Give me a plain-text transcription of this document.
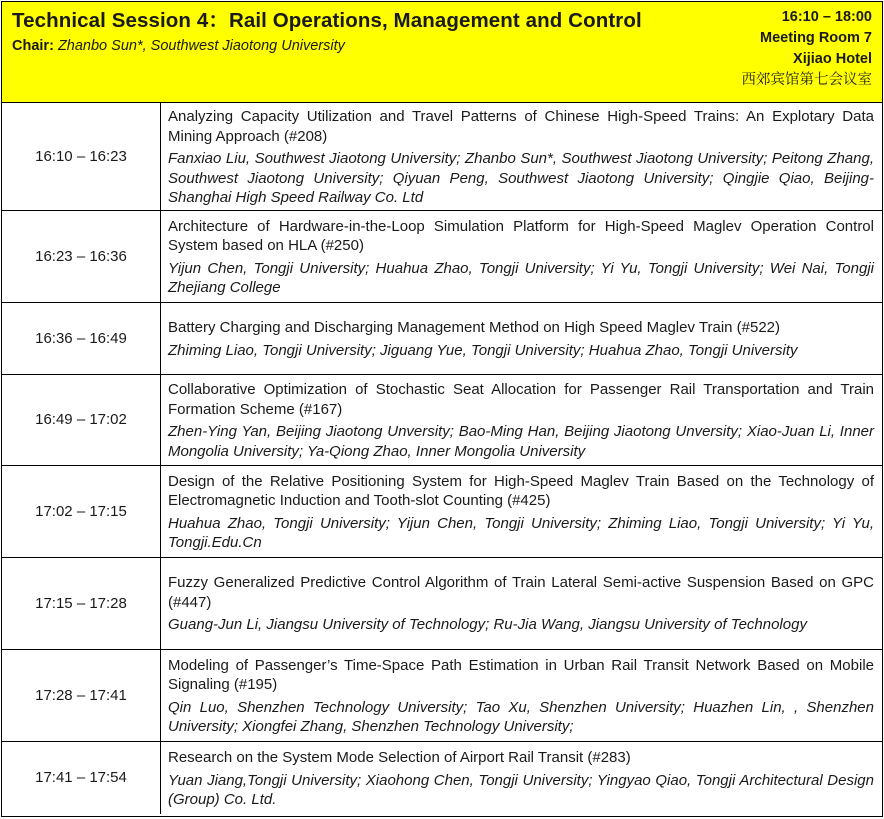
Technical Session 4：Rail Operations, Management and Control
Chair: Zhanbo Sun*, Southwest Jiaotong University
16:10 – 18:00
Meeting Room 7
Xijiao Hotel
西郊宾馆第七会议室
16:10 – 16:23	Analyzing Capacity Utilization and Travel Patterns of Chinese High-Speed Trains: An Explotary Data Mining Approach (#208)

Fanxiao Liu, Southwest Jiaotong University; Zhanbo Sun*, Southwest Jiaotong University; Peitong Zhang, Southwest Jiaotong University; Qiyuan Peng, Southwest Jiaotong University; Qingjie Qiao, Beijing-Shanghai High Speed Railway Co. Ltd

16:23 – 16:36	Architecture of Hardware-in-the-Loop Simulation Platform for High-Speed Maglev Operation Control System based on HLA (#250)

Yijun Chen, Tongji University; Huahua Zhao, Tongji University; Yi Yu, Tongji University; Wei Nai, Tongji Zhejiang College

16:36 – 16:49	Battery Charging and Discharging Management Method on High Speed Maglev Train (#522)

Zhiming Liao, Tongji University; Jiguang Yue, Tongji University; Huahua Zhao, Tongji University

16:49 – 17:02	Collaborative Optimization of Stochastic Seat Allocation for Passenger Rail Transportation and Train Formation Scheme (#167)

Zhen-Ying Yan, Beijing Jiaotong Unversity; Bao-Ming Han, Beijing Jiaotong Unversity; Xiao-Juan Li, Inner Mongolia University; Ya-Qiong Zhao, Inner Mongolia University

17:02 – 17:15	Design of the Relative Positioning System for High-Speed Maglev Train Based on the Technology of Electromagnetic Induction and Tooth-slot Counting (#425)

Huahua Zhao, Tongji University; Yijun Chen, Tongji University; Zhiming Liao, Tongji University; Yi Yu, Tongji.Edu.Cn

17:15 – 17:28	Fuzzy Generalized Predictive Control Algorithm of Train Lateral Semi-active Suspension Based on GPC (#447)

Guang-Jun Li, Jiangsu University of Technology; Ru-Jia Wang, Jiangsu University of Technology

17:28 – 17:41	Modeling of Passenger’s Time-Space Path Estimation in Urban Rail Transit Network Based on Mobile Signaling (#195)

Qin Luo, Shenzhen Technology University; Tao Xu, Shenzhen University; Huazhen Lin, , Shenzhen University; Xiongfei Zhang, Shenzhen Technology University;

17:41 – 17:54	Research on the System Mode Selection of Airport Rail Transit (#283)

Yuan Jiang,Tongji University; Xiaohong Chen, Tongji University; Yingyao Qiao, Tongji Architectural Design (Group) Co. Ltd.
